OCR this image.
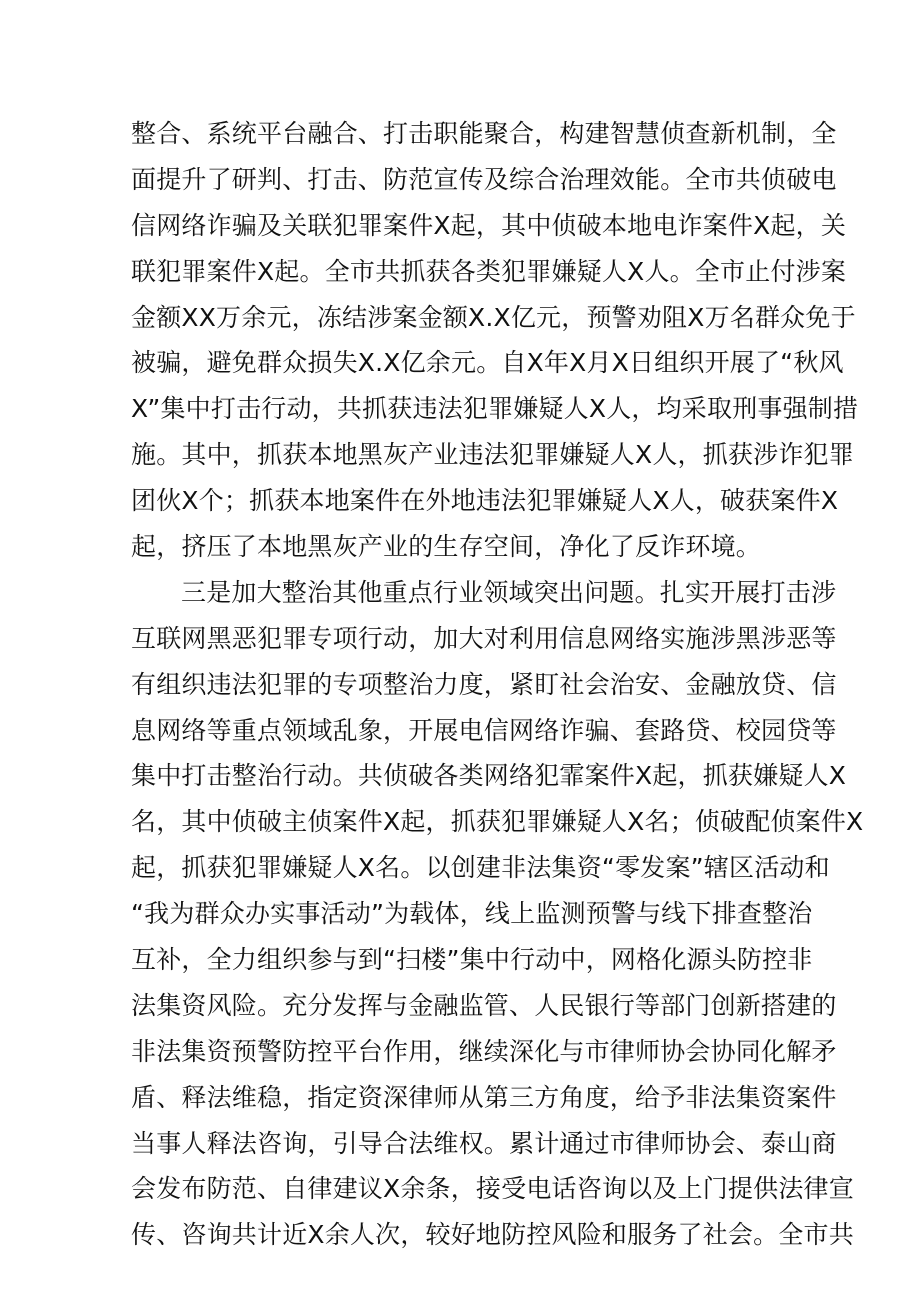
整合、系统平台融合、打击职能聚合，构建智慧侦查新机制，全
面提升了研判、打击、防范宣传及综合治理效能。全市共侦破电
信网络诈骗及关联犯罪案件X起，其中侦破本地电诈案件X起，关
联犯罪案件X起。全市共抓获各类犯罪嫌疑人X人。全市止付涉案
金额XX万余元，冻结涉案金额X.X亿元，预警劝阻X万名群众免于
被骗，避免群众损失X.X亿余元。自X年X月X日组织开展了“秋风
X”集中打击行动，共抓获违法犯罪嫌疑人X人，均采取刑事强制措
施。其中，抓获本地黑灰产业违法犯罪嫌疑人X人，抓获涉诈犯罪
团伙X个；抓获本地案件在外地违法犯罪嫌疑人X人，破获案件X
起，挤压了本地黑灰产业的生存空间，净化了反诈环境。
三是加大整治其他重点行业领域突出问题。扎实开展打击涉
互联网黑恶犯罪专项行动，加大对利用信息网络实施涉黑涉恶等
有组织违法犯罪的专项整治力度，紧盯社会治安、金融放贷、信
息网络等重点领域乱象，开展电信网络诈骗、套路贷、校园贷等
集中打击整治行动。共侦破各类网络犯霏案件X起，抓获嫌疑人X
名，其中侦破主侦案件X起，抓获犯罪嫌疑人X名；侦破配侦案件X
起，抓获犯罪嫌疑人X名。以创建非法集资“零发案”辖区活动和
“我为群众办实事活动”为载体，线上监测预警与线下排查整治
互补，全力组织参与到“扫楼”集中行动中，网格化源头防控非
法集资风险。充分发挥与金融监管、人民银行等部门创新搭建的
非法集资预警防控平台作用，继续深化与市律师协会协同化解矛
盾、释法维稳，指定资深律师从第三方角度，给予非法集资案件
当事人释法咨询，引导合法维权。累计通过市律师协会、泰山商
会发布防范、自律建议X余条，接受电话咨询以及上门提供法律宣
传、咨询共计近X余人次，较好地防控风险和服务了社会。全市共
